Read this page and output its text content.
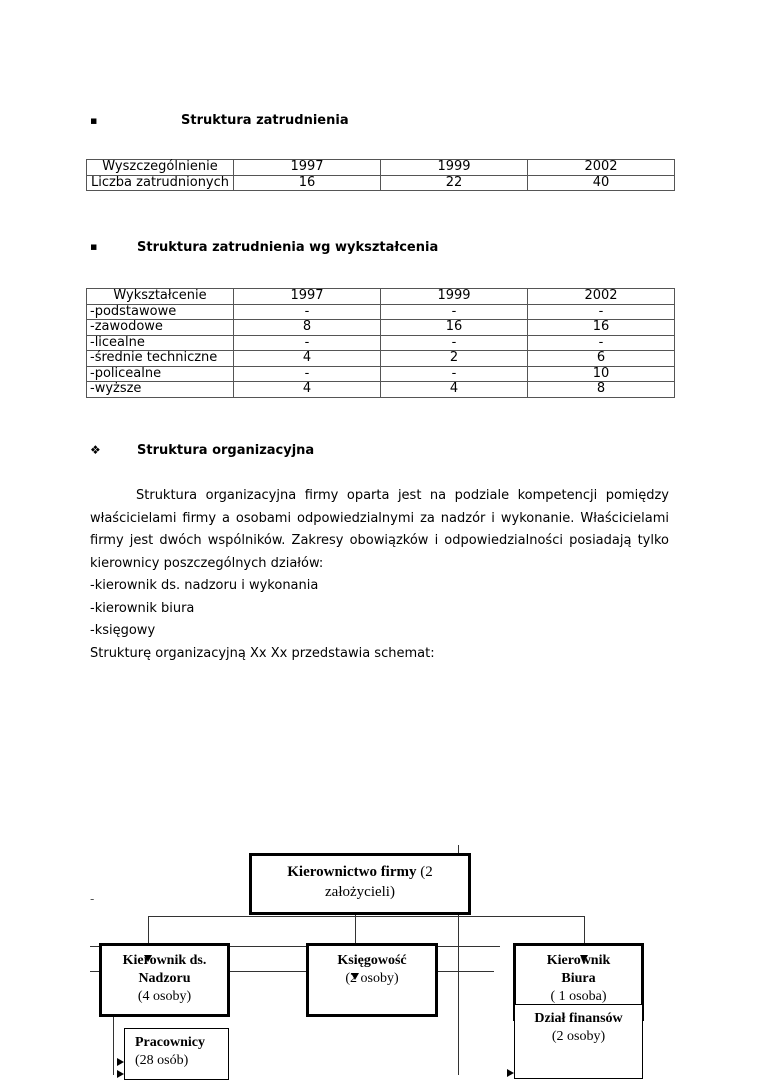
▪	Struktura zatrudnienia
Wyszczególnienie	1997	1999	2002
Liczba zatrudnionych	16	22	40
▪	Struktura zatrudnienia wg wykształcenia
Wykształcenie	1997	1999	2002
-podstawowe	-	-	-
-zawodowe	8	16	16
-licealne	-	-	-
-średnie techniczne	4	2	6
-policealne	-	-	10
-wyższe	4	4	8
❖	Struktura organizacyjna

Struktura organizacyjna firmy oparta jest na podziale kompetencji pomiędzy właścicielami firmy a osobami odpowiedzialnymi za nadzór i wykonanie. Właścicielami firmy jest dwóch wspólników. Zakresy obowiązków i odpowiedzialności posiadają tylko kierownicy poszczególnych działów:

-kierownik ds. nadzoru i wykonania

-kierownik biura

-księgowy

Strukturę organizacyjną Xx Xx przedstawia schemat:

-
Kierownictwo firmy (2
założycieli)
Kierownik ds.
Nadzoru
(4 osoby)
Księgowość
(2 osoby)
Kierownik
Biura
( 1 osoba)
Dział finansów
(2 osoby)
Pracownicy
(28 osób)
